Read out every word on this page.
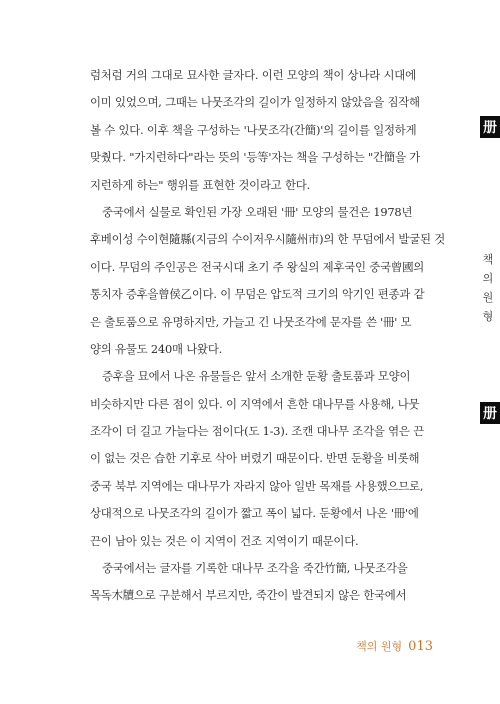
럼처럼 거의 그대로 묘사한 글자다. 이런 모양의 책이 상나라 시대에
이미 있었으며, 그때는 나뭇조각의 길이가 일정하지 않았음을 짐작해
볼 수 있다. 이후 책을 구성하는 '나뭇조각(간簡)'의 길이를 일정하게
맞췄다. "가지런하다"라는 뜻의 '등等'자는 책을 구성하는 "간簡을 가
지런하게 하는" 행위를 표현한 것이라고 한다.
중국에서 실물로 확인된 가장 오래된 '冊' 모양의 물건은 1978년
후베이성 수이현隨縣(지금의 수이저우시隨州市)의 한 무덤에서 발굴된 것
이다. 무덤의 주인공은 전국시대 초기 주 왕실의 제후국인 중국曾國의
통치자 증후을曾侯乙이다. 이 무덤은 압도적 크기의 악기인 편종과 같
은 출토품으로 유명하지만, 가늘고 긴 나뭇조각에 문자를 쓴 '冊' 모
양의 유물도 240매 나왔다.
증후을 묘에서 나온 유물들은 앞서 소개한 둔황 출토품과 모양이
비슷하지만 다른 점이 있다. 이 지역에서 흔한 대나무를 사용해, 나뭇
조각이 더 길고 가늘다는 점이다(도 1-3). 조캔 대나무 조각을 엮은 끈
이 없는 것은 습한 기후로 삭아 버렸기 때문이다. 반면 둔황을 비롯해
중국 북부 지역에는 대나무가 자라지 않아 일반 목재를 사용했으므로,
상대적으로 나뭇조각의 길이가 짧고 폭이 넓다. 둔황에서 나온 '冊'에
끈이 남아 있는 것은 이 지역이 건조 지역이기 때문이다.
중국에서는 글자를 기록한 대나무 조각을 죽간竹簡, 나뭇조각을
목독木牘으로 구분해서 부르지만, 죽간이 발견되지 않은 한국에서
册
책
의
원
형
册
책의 원형 013
